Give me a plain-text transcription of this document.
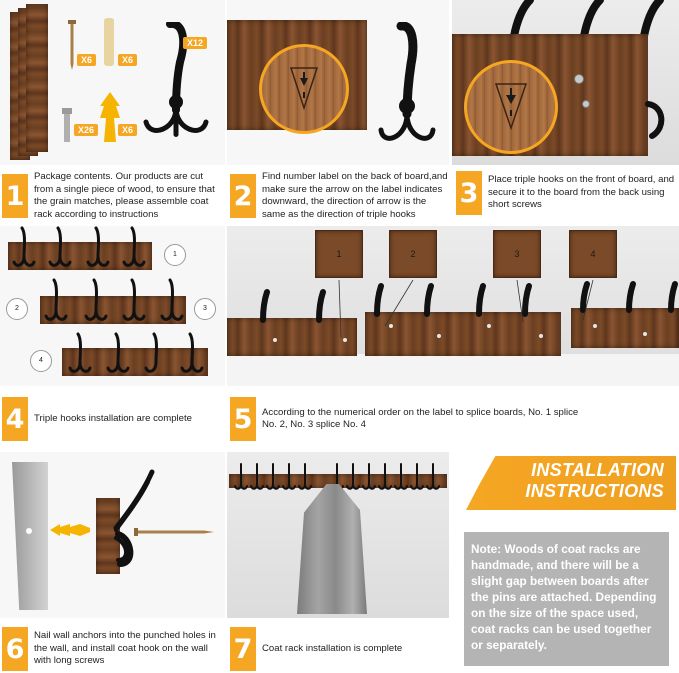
X6	X6
X12
X26	X6
1
Package contents. Our products are cut from a single piece of wood, to ensure that the grain matches, please assemble coat rack according to instructions
2
Find number label on the back of board,and make sure the arrow on the label indicates downward, the direction of arrow is the same as the direction of triple hooks
3	Place triple hooks on the front of board, and secure it to the board from the back using short screws
1
2	3
4
1	2	3	4
4	Triple hooks installation are complete 5	According to the numerical order on the label to splice boards, No. 1 splice No. 2, No. 3 splice No. 4
6	Nail wall anchors into the punched holes in the wall, and install coat hook on the wall with long screws	7	Coat rack installation is complete
INSTALLATION
INSTRUCTIONS
Note: Woods of coat racks are handmade, and there will be a slight gap between boards after the pins are attached. Depending on the size of the space used, coat racks can be used together or separately.
